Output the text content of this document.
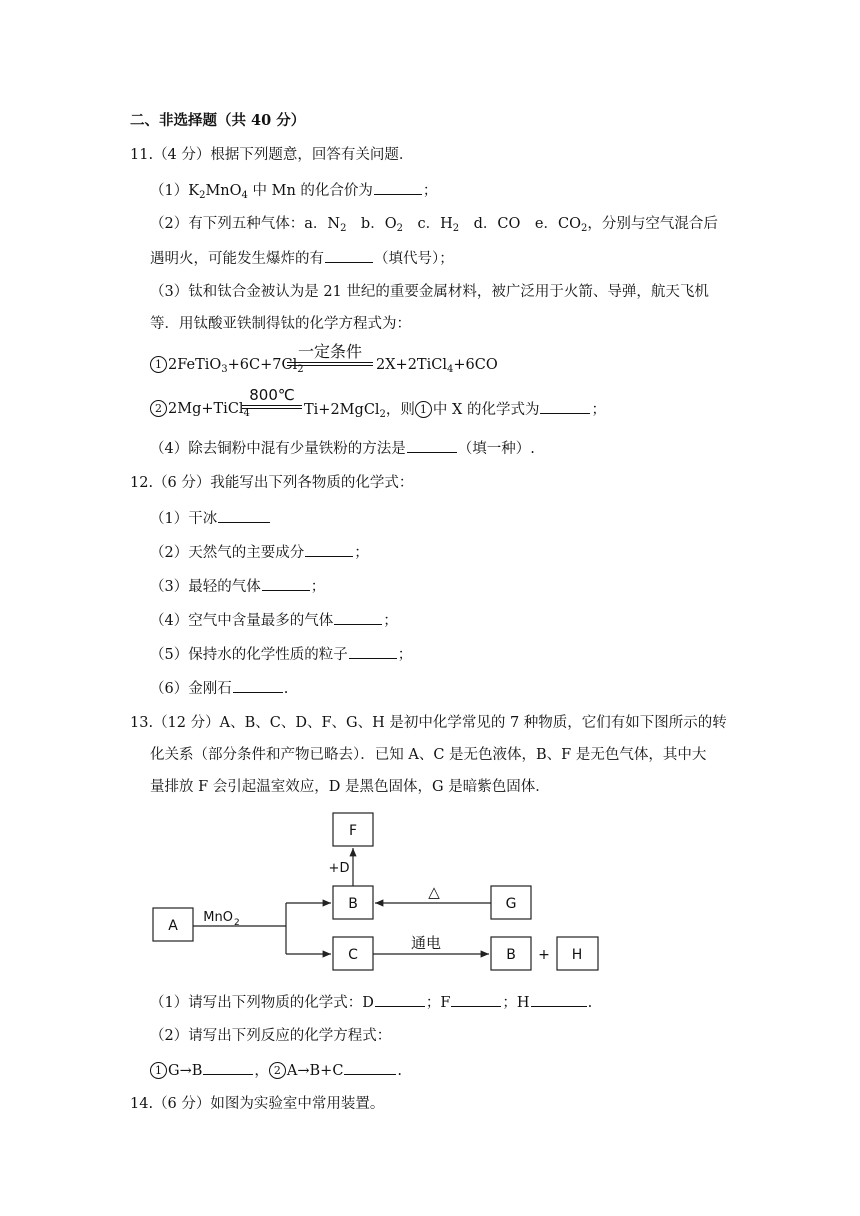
二、非选择题（共 40 分）
11.（4 分）根据下列题意，回答有关问题．
$(1)K_2MnO_4$ 中 Mn 的化合价为	；
（2）有下列五种气体：a．$N_2$　b．$O_2$　c．$H_2$　d．CO　e．$CO_2$，分别与空气混合后
遇明火，可能发生爆炸的有	（填代号）；
（3）钛和钛合金被认为是 21 世纪的重要金属材料，被广泛用于火箭、导弹，航天飞机
等．用钛酸亚铁制得钛的化学方程式为：
1 $2FeTiO_3+6C+7Cl_2$
一定条件
2X+2TiCl$_4$+6CO
2 2Mg+TiCl$_4$
800℃
Ti+2MgCl$_2$，则 1 中 X 的化学式为	；
（4）除去铜粉中混有少量铁粉的方法是	（填一种）.
12.（6 分）我能写出下列各物质的化学式：
（1）干冰
（2）天然气的主要成分	；
（3）最轻的气体	；
（4）空气中含量最多的气体	；
（5）保持水的化学性质的粒子	；
（6）金刚石	.
13.（12 分）A、B、C、D、F、G、H 是初中化学常见的 7 种物质，它们有如下图所示的转
化关系（部分条件和产物已略去）．已知 A、C 是无色液体，B、F 是无色气体，其中大
量排放 F 会引起温室效应，D 是黑色固体，G 是暗紫色固体．
F
B	G
A
C	B	H
+D
△
通电
+
MnO 2
（1）请写出下列物质的化学式：D	；F	；H	.
（2）请写出下列反应的化学方程式：
1 G→B	， 2 A→B+C	.
14.（6 分）如图为实验室中常用装置。
